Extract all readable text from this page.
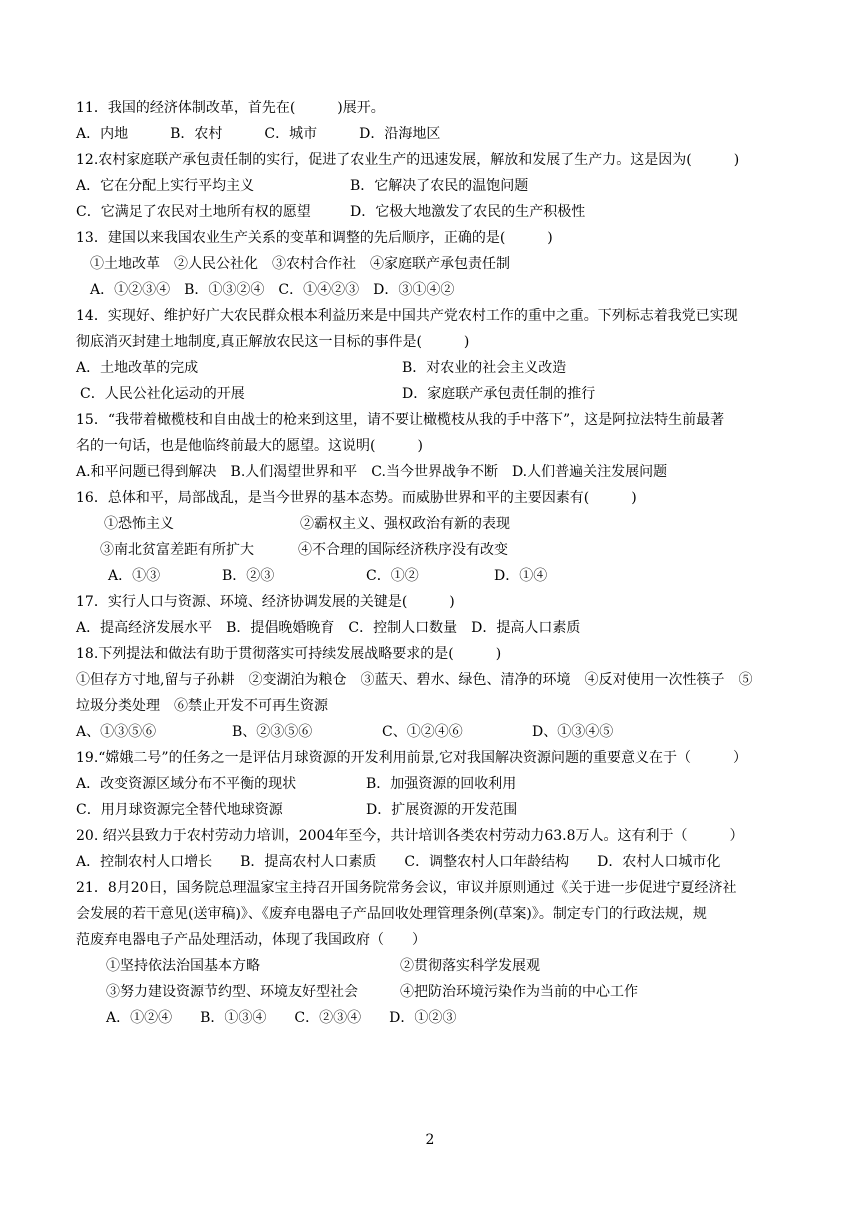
11．我国的经济体制改革，首先在(　　　)展开。
A．内地　　　B．农村　　　C．城市　　　D．沿海地区
12.农村家庭联产承包责任制的实行，促进了农业生产的迅速发展，解放和发展了生产力。这是因为(　　　)
A．它在分配上实行平均主义	B．它解决了农民的温饱问题
C．它满足了农民对土地所有权的愿望	D．它极大地激发了农民的生产积极性
13．建国以来我国农业生产关系的变革和调整的先后顺序，正确的是(　　　)
①土地改革　②人民公社化　③农村合作社　④家庭联产承包责任制
A．①②③④　B．①③②④　C．①④②③　D．③①④②
14．实现好、维护好广大农民群众根本利益历来是中国共产党农村工作的重中之重。下列标志着我党已实现
彻底消灭封建土地制度,真正解放农民这一目标的事件是(　　　)
A．土地改革的完成	B．对农业的社会主义改造
C．人民公社化运动的开展	D．家庭联产承包责任制的推行
15．“我带着橄榄枝和自由战士的枪来到这里，请不要让橄榄枝从我的手中落下”，这是阿拉法特生前最著
名的一句话，也是他临终前最大的愿望。这说明(　　　)
A.和平问题已得到解决　B.人们渴望世界和平　C.当今世界战争不断　D.人们普遍关注发展问题
16．总体和平，局部战乱，是当今世界的基本态势。而威胁世界和平的主要因素有(　　　)
①恐怖主义	②霸权主义、强权政治有新的表现
③南北贫富差距有所扩大	④不合理的国际经济秩序没有改变
A．①③	B．②③	C．①②	D．①④
17．实行人口与资源、环境、经济协调发展的关键是(　　　)
A．提高经济发展水平　B．提倡晚婚晚育　C．控制人口数量　D．提高人口素质
18.下列提法和做法有助于贯彻落实可持续发展战略要求的是(　　　)
①但存方寸地,留与子孙耕　②变湖泊为粮仓　③蓝天、碧水、绿色、清净的环境　④反对使用一次性筷子　⑤
垃圾分类处理　⑥禁止开发不可再生资源
A、①③⑤⑥	B、②③⑤⑥	C、①②④⑥	D、①③④⑤
19.“嫦娥二号”的任务之一是评估月球资源的开发利用前景,它对我国解决资源问题的重要意义在于（　　　）
A．改变资源区域分布不平衡的现状	B．加强资源的回收利用
C．用月球资源完全替代地球资源	D．扩展资源的开发范围
20. 绍兴县致力于农村劳动力培训，2004年至今，共计培训各类农村劳动力63.8万人。这有利于（　　　）
A．控制农村人口增长　　B．提高农村人口素质　　C．调整农村人口年龄结构　　D．农村人口城市化
21．8月20日，国务院总理温家宝主持召开国务院常务会议，审议并原则通过《关于进一步促进宁夏经济社
会发展的若干意见(送审稿)》、《废弃电器电子产品回收处理管理条例(草案)》。制定专门的行政法规，规
范废弃电器电子产品处理活动，体现了我国政府（　　）
①坚持依法治国基本方略	②贯彻落实科学发展观
③努力建设资源节约型、环境友好型社会	④把防治环境污染作为当前的中心工作
A．①②④　　B．①③④　　C．②③④　　D．①②③
2
